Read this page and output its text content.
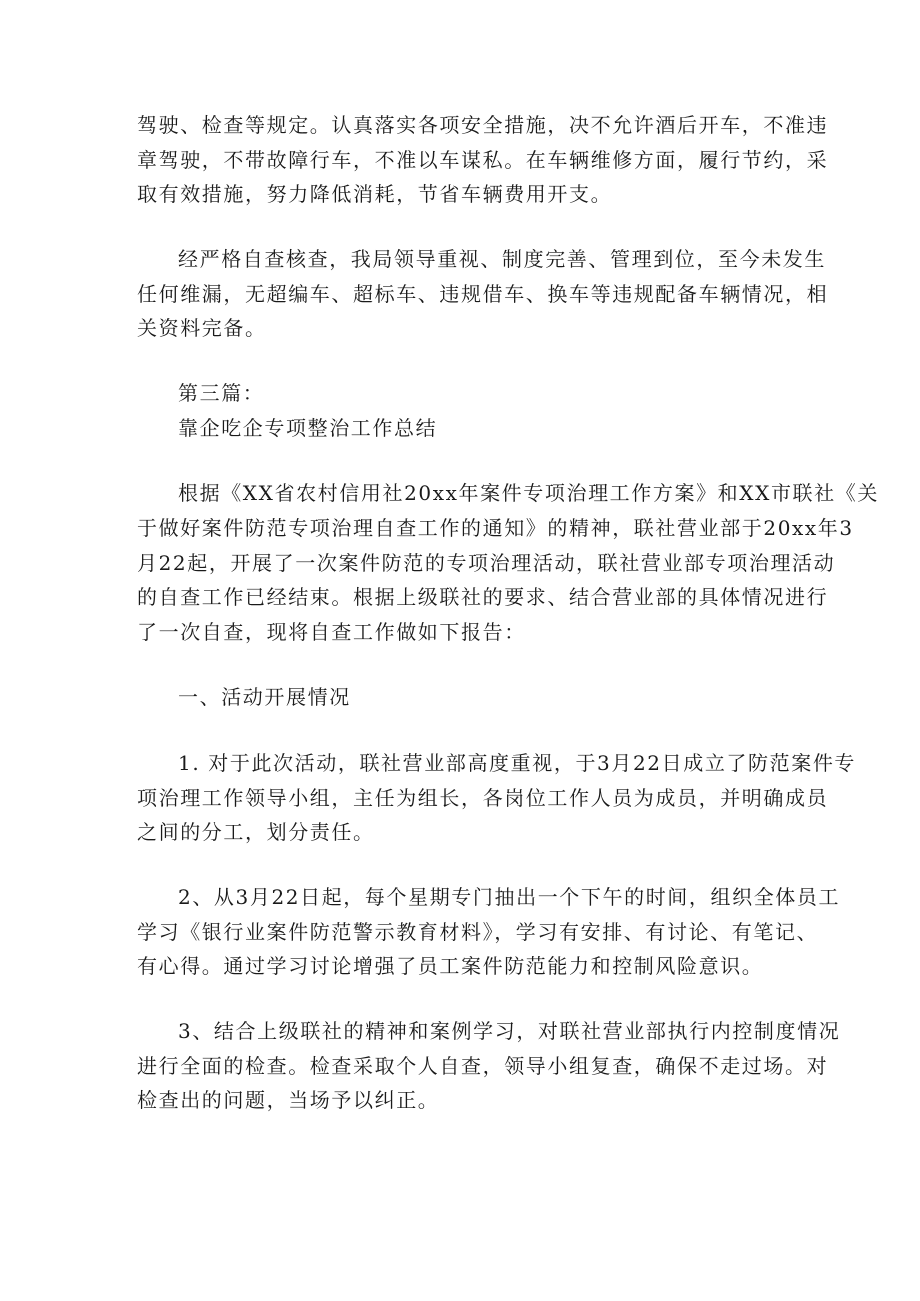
驾驶、检查等规定。认真落实各项安全措施，决不允许酒后开车，不准违
章驾驶，不带故障行车，不准以车谋私。在车辆维修方面，履行节约，采
取有效措施，努力降低消耗，节省车辆费用开支。
经严格自查核查，我局领导重视、制度完善、管理到位，至今未发生
任何维漏，无超编车、超标车、违规借车、换车等违规配备车辆情况，相
关资料完备。
第三篇：
靠企吃企专项整治工作总结
根据《XX省农村信用社20xx年案件专项治理工作方案》和XX市联社《关
于做好案件防范专项治理自查工作的通知》的精神，联社营业部于20xx年3
月22起，开展了一次案件防范的专项治理活动，联社营业部专项治理活动
的自查工作已经结束。根据上级联社的要求、结合营业部的具体情况进行
了一次自查，现将自查工作做如下报告：
一、活动开展情况
1. 对于此次活动，联社营业部高度重视，于3月22日成立了防范案件专
项治理工作领导小组，主任为组长，各岗位工作人员为成员，并明确成员
之间的分工，划分责任。
2、从3月22日起，每个星期专门抽出一个下午的时间，组织全体员工
学习《银行业案件防范警示教育材料》，学习有安排、有讨论、有笔记、
有心得。通过学习讨论增强了员工案件防范能力和控制风险意识。
3、结合上级联社的精神和案例学习，对联社营业部执行内控制度情况
进行全面的检查。检查采取个人自查，领导小组复查，确保不走过场。对
检查出的问题，当场予以纠正。
